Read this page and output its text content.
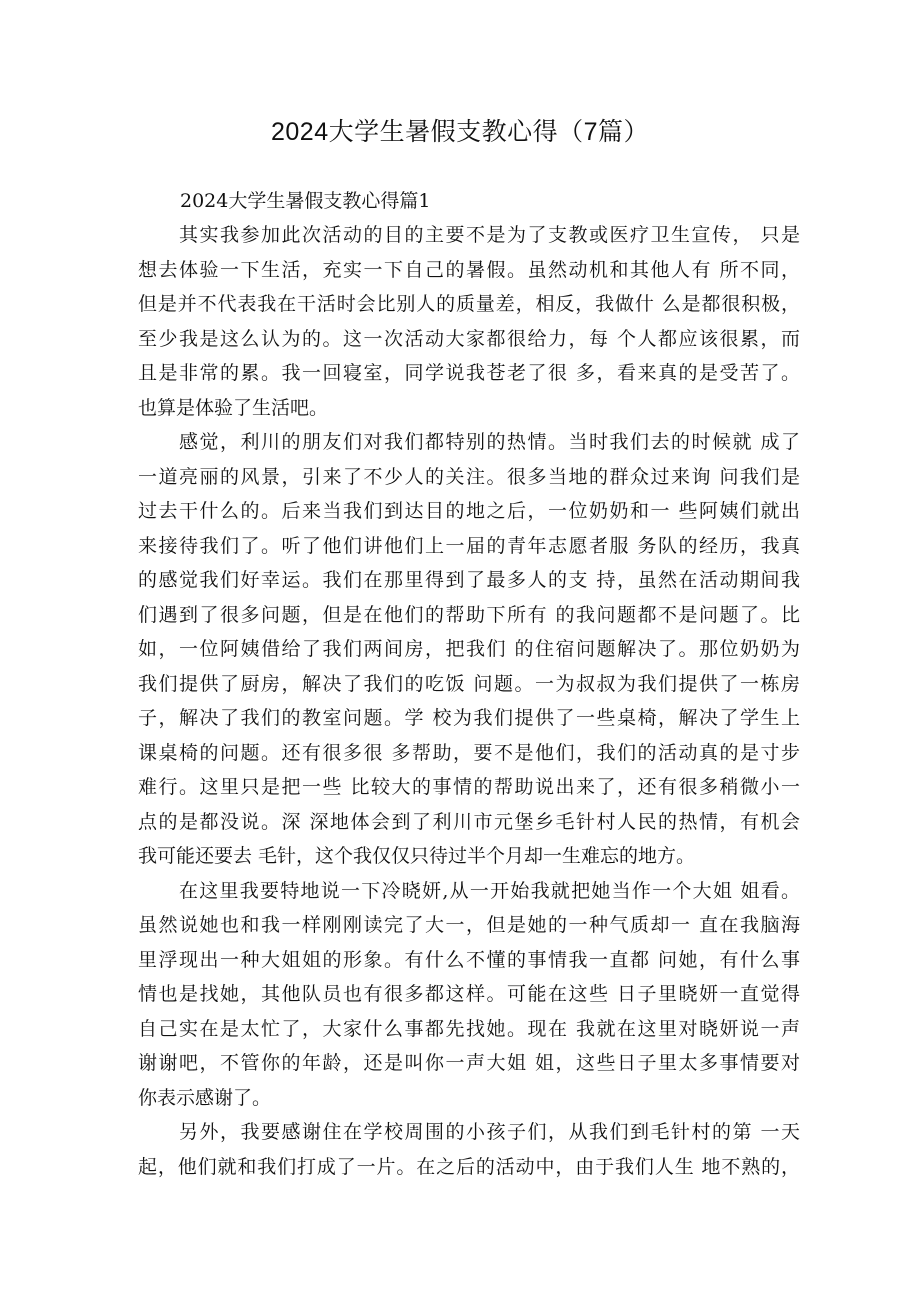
2024大学生暑假支教心得（7篇）
2024大学生暑假支教心得篇1
其实我参加此次活动的目的主要不是为了支教或医疗卫生宣传， 只是
想去体验一下生活，充实一下自己的暑假。虽然动机和其他人有 所不同，
但是并不代表我在干活时会比别人的质量差，相反，我做什 么是都很积极，
至少我是这么认为的。这一次活动大家都很给力，每 个人都应该很累，而
且是非常的累。我一回寝室，同学说我苍老了很 多，看来真的是受苦了。
也算是体验了生活吧。
感觉，利川的朋友们对我们都特别的热情。当时我们去的时候就 成了
一道亮丽的风景，引来了不少人的关注。很多当地的群众过来询 问我们是
过去干什么的。后来当我们到达目的地之后，一位奶奶和一 些阿姨们就出
来接待我们了。听了他们讲他们上一届的青年志愿者服 务队的经历，我真
的感觉我们好幸运。我们在那里得到了最多人的支 持，虽然在活动期间我
们遇到了很多问题，但是在他们的帮助下所有 的我问题都不是问题了。比
如，一位阿姨借给了我们两间房，把我们 的住宿问题解决了。那位奶奶为
我们提供了厨房，解决了我们的吃饭 问题。一为叔叔为我们提供了一栋房
子，解决了我们的教室问题。学 校为我们提供了一些桌椅，解决了学生上
课桌椅的问题。还有很多很 多帮助，要不是他们，我们的活动真的是寸步
难行。这里只是把一些 比较大的事情的帮助说出来了，还有很多稍微小一
点的是都没说。深 深地体会到了利川市元堡乡毛针村人民的热情，有机会
我可能还要去 毛针，这个我仅仅只待过半个月却一生难忘的地方。
在这里我要特地说一下冷晓妍,从一开始我就把她当作一个大姐 姐看。
虽然说她也和我一样刚刚读完了大一，但是她的一种气质却一 直在我脑海
里浮现出一种大姐姐的形象。有什么不懂的事情我一直都 问她，有什么事
情也是找她，其他队员也有很多都这样。可能在这些 日子里晓妍一直觉得
自己实在是太忙了，大家什么事都先找她。现在 我就在这里对晓妍说一声
谢谢吧，不管你的年龄，还是叫你一声大姐 姐，这些日子里太多事情要对
你表示感谢了。
另外，我要感谢住在学校周围的小孩子们，从我们到毛针村的第 一天
起，他们就和我们打成了一片。在之后的活动中，由于我们人生 地不熟的，
